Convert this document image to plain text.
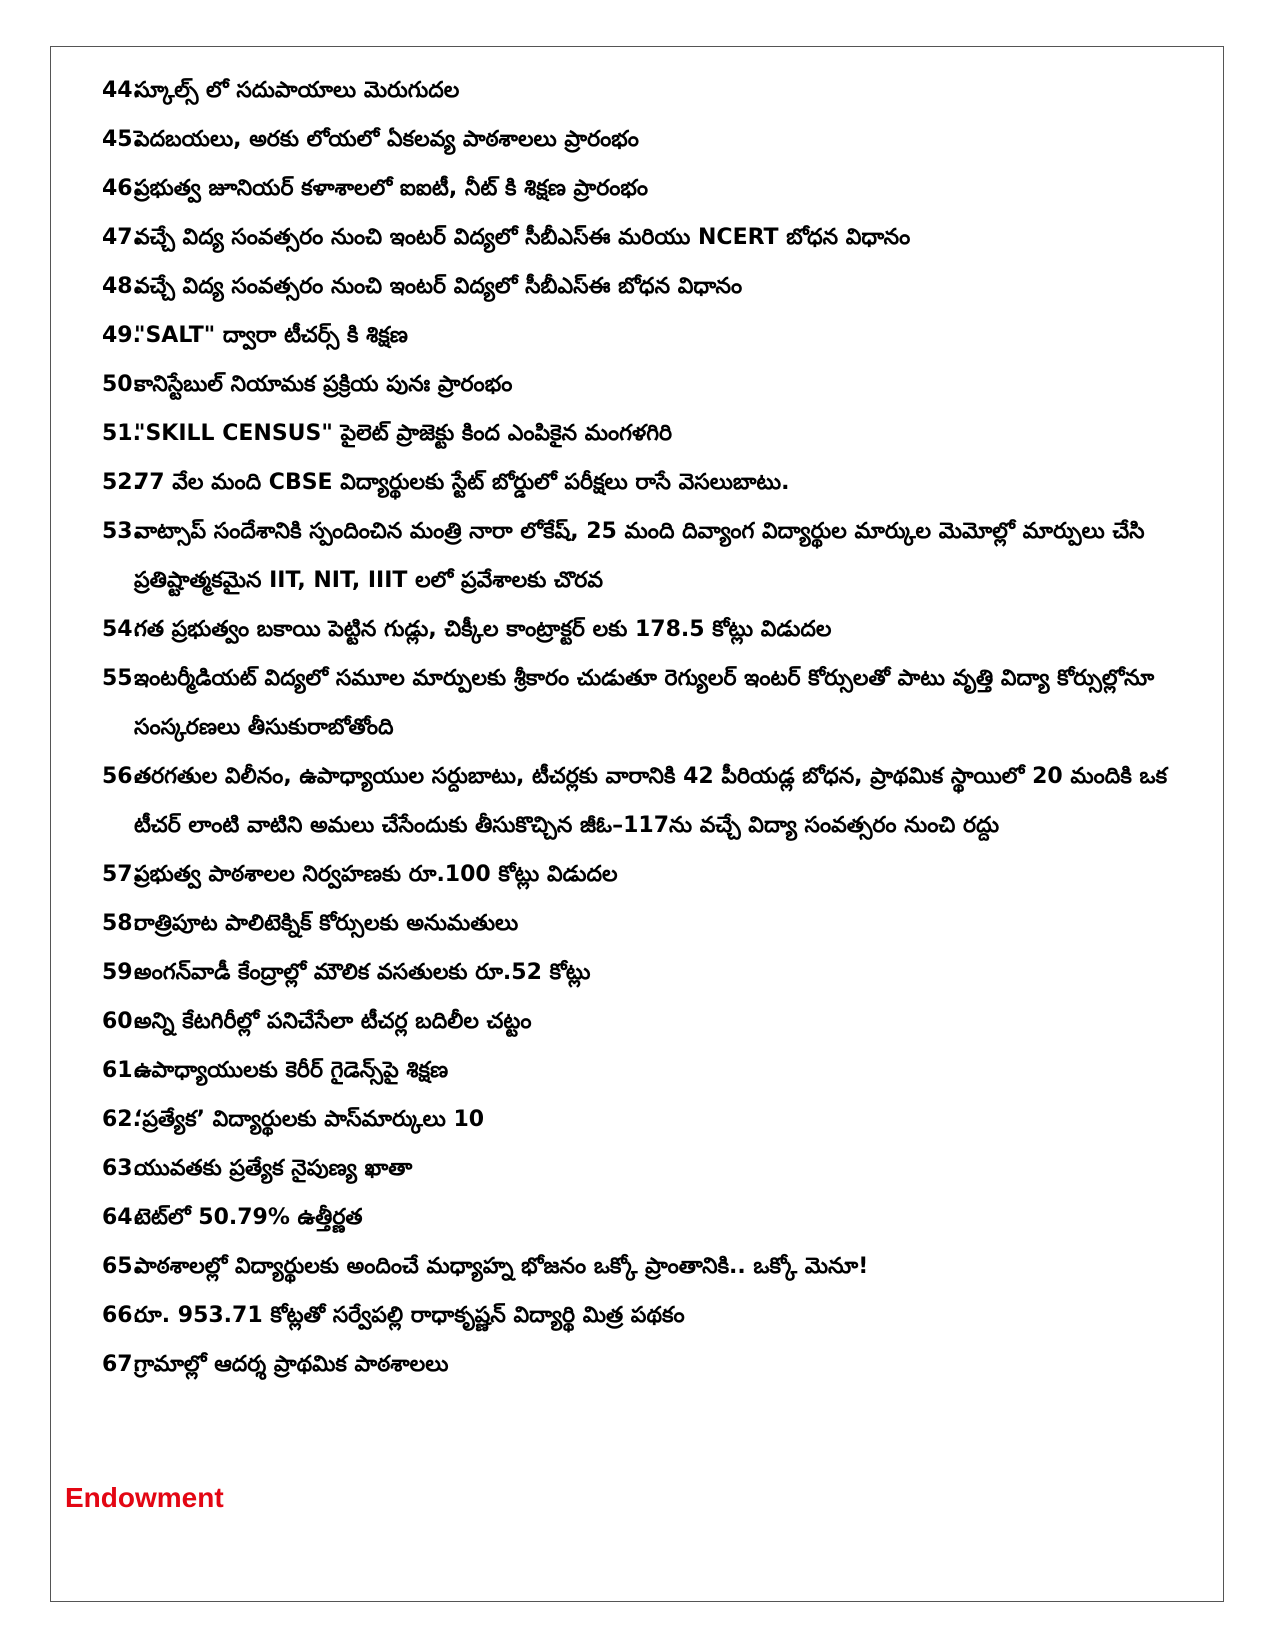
44.
స్కూల్స్ లో సదుపాయాలు మెరుగుదల
45.
పెదబయలు, అరకు లోయలో ఏకలవ్య పాఠశాలలు ప్రారంభం
46.
ప్రభుత్వ జూనియర్ కళాశాలలో ఐఐటీ, నీట్ కి శిక్షణ ప్రారంభం
47.
వచ్చే విద్య సంవత్సరం నుంచి ఇంటర్ విద్యలో సీబీఎస్ఈ మరియు NCERT బోధన విధానం
48.
వచ్చే విద్య సంవత్సరం నుంచి ఇంటర్ విద్యలో సీబీఎస్ఈ బోధన విధానం
49.
"SALT" ద్వారా టీచర్స్ కి శిక్షణ
50.
కానిస్టేబుల్ నియామక ప్రక్రియ పునః ప్రారంభం
51.
"SKILL CENSUS" పైలెట్ ప్రాజెక్టు కింద ఎంపికైన మంగళగిరి
52.
77 వేల మంది CBSE విద్యార్థులకు స్టేట్ బోర్డులో పరీక్షలు రాసే వెసలుబాటు.
53.
వాట్సాప్ సందేశానికి స్పందించిన మంత్రి నారా లోకేష్, 25 మంది దివ్యాంగ విద్యార్థుల మార్కుల మెమోల్లో మార్పులు చేసి ప్రతిష్టాత్మకమైన IIT, NIT, IIIT లలో ప్రవేశాలకు చొరవ
54.
గత ప్రభుత్వం బకాయి పెట్టిన గుడ్లు, చిక్కీల కాంట్రాక్టర్ లకు 178.5 కోట్లు విడుదల
55.
ఇంటర్మీడియట్ విద్యలో సమూల మార్పులకు శ్రీకారం చుడుతూ రెగ్యులర్ ఇంటర్ కోర్సులతో పాటు వృత్తి విద్యా కోర్సుల్లోనూ సంస్కరణలు తీసుకురాబోతోంది
56.
తరగతుల విలీనం, ఉపాధ్యాయుల సర్దుబాటు, టీచర్లకు వారానికి 42 పీరియడ్ల బోధన, ప్రాథమిక స్థాయిలో 20 మందికి ఒక టీచర్ లాంటి వాటిని అమలు చేసేందుకు తీసుకొచ్చిన జీఓ–117ను వచ్చే విద్యా సంవత్సరం నుంచి రద్దు
57.
ప్రభుత్వ పాఠశాలల నిర్వహణకు రూ.100 కోట్లు విడుదల
58.
రాత్రిపూట పాలిటెక్నిక్ కోర్సులకు అనుమతులు
59.
అంగన్‌వాడీ కేంద్రాల్లో మౌలిక వసతులకు రూ.52 కోట్లు
60.
అన్ని కేటగిరీల్లో పనిచేసేలా టీచర్ల బదిలీల చట్టం
61.
ఉపాధ్యాయులకు కెరీర్ గైడెన్స్‌పై శిక్షణ
62.
‘ప్రత్యేక’ విద్యార్థులకు పాస్‌మార్కులు 10
63.
యువతకు ప్రత్యేక నైపుణ్య ఖాతా
64.
టెట్‌లో 50.79% ఉత్తీర్ణత
65.
పాఠశాలల్లో విద్యార్థులకు అందించే మధ్యాహ్న భోజనం ఒక్కో ప్రాంతానికి.. ఒక్కో మెనూ!
66.
రూ. 953.71 కోట్లతో సర్వేపల్లి రాధాకృష్ణన్ విద్యార్థి మిత్ర పథకం
67.
గ్రామాల్లో ఆదర్శ ప్రాథమిక పాఠశాలలు
Endowment
